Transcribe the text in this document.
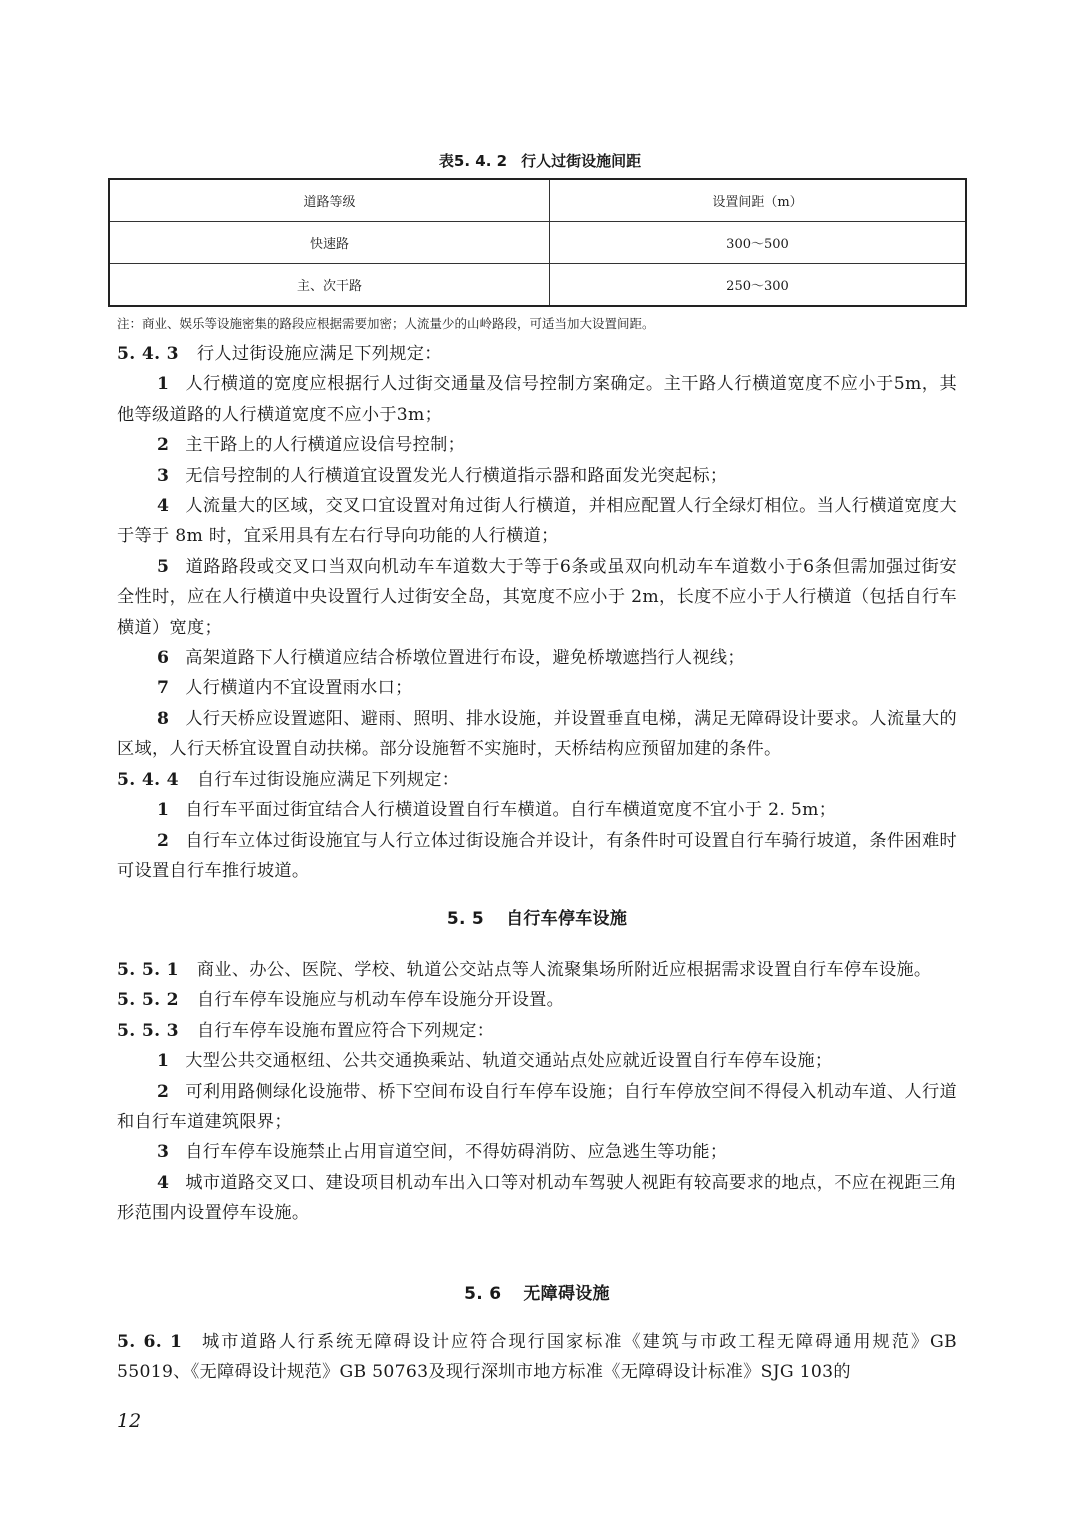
表5. 4. 2 行人过街设施间距
道路等级	设置间距（m）
快速路	300～500
主、次干路	250～300
注：商业、娱乐等设施密集的路段应根据需要加密；人流量少的山岭路段，可适当加大设置间距。

5. 4. 3 行人过街设施应满足下列规定：

1 人行横道的宽度应根据行人过街交通量及信号控制方案确定。主干路人行横道宽度不应小于5m，其他等级道路的人行横道宽度不应小于3m；

2 主干路上的人行横道应设信号控制；

3 无信号控制的人行横道宜设置发光人行横道指示器和路面发光突起标；

4 人流量大的区域，交叉口宜设置对角过街人行横道，并相应配置人行全绿灯相位。当人行横道宽度大于等于 8m 时，宜采用具有左右行导向功能的人行横道；

5 道路路段或交叉口当双向机动车车道数大于等于6条或虽双向机动车车道数小于6条但需加强过街安全性时，应在人行横道中央设置行人过街安全岛，其宽度不应小于 2m，长度不应小于人行横道（包括自行车横道）宽度；

6 高架道路下人行横道应结合桥墩位置进行布设，避免桥墩遮挡行人视线；

7 人行横道内不宜设置雨水口；

8 人行天桥应设置遮阳、避雨、照明、排水设施，并设置垂直电梯，满足无障碍设计要求。人流量大的区域，人行天桥宜设置自动扶梯。部分设施暂不实施时，天桥结构应预留加建的条件。

5. 4. 4 自行车过街设施应满足下列规定：

1 自行车平面过街宜结合人行横道设置自行车横道。自行车横道宽度不宜小于 2. 5m；

2 自行车立体过街设施宜与人行立体过街设施合并设计，有条件时可设置自行车骑行坡道，条件困难时可设置自行车推行坡道。

5. 5 自行车停车设施

5. 5. 1 商业、办公、医院、学校、轨道公交站点等人流聚集场所附近应根据需求设置自行车停车设施。

5. 5. 2 自行车停车设施应与机动车停车设施分开设置。

5. 5. 3 自行车停车设施布置应符合下列规定：

1 大型公共交通枢纽、公共交通换乘站、轨道交通站点处应就近设置自行车停车设施；

2 可利用路侧绿化设施带、桥下空间布设自行车停车设施；自行车停放空间不得侵入机动车道、人行道和自行车道建筑限界；

3 自行车停车设施禁止占用盲道空间，不得妨碍消防、应急逃生等功能；

4 城市道路交叉口、建设项目机动车出入口等对机动车驾驶人视距有较高要求的地点，不应在视距三角形范围内设置停车设施。

5. 6 无障碍设施

5. 6. 1 城市道路人行系统无障碍设计应符合现行国家标准《建筑与市政工程无障碍通用规范》GB 55019、《无障碍设计规范》GB 50763及现行深圳市地方标准《无障碍设计标准》SJG 103的

12
